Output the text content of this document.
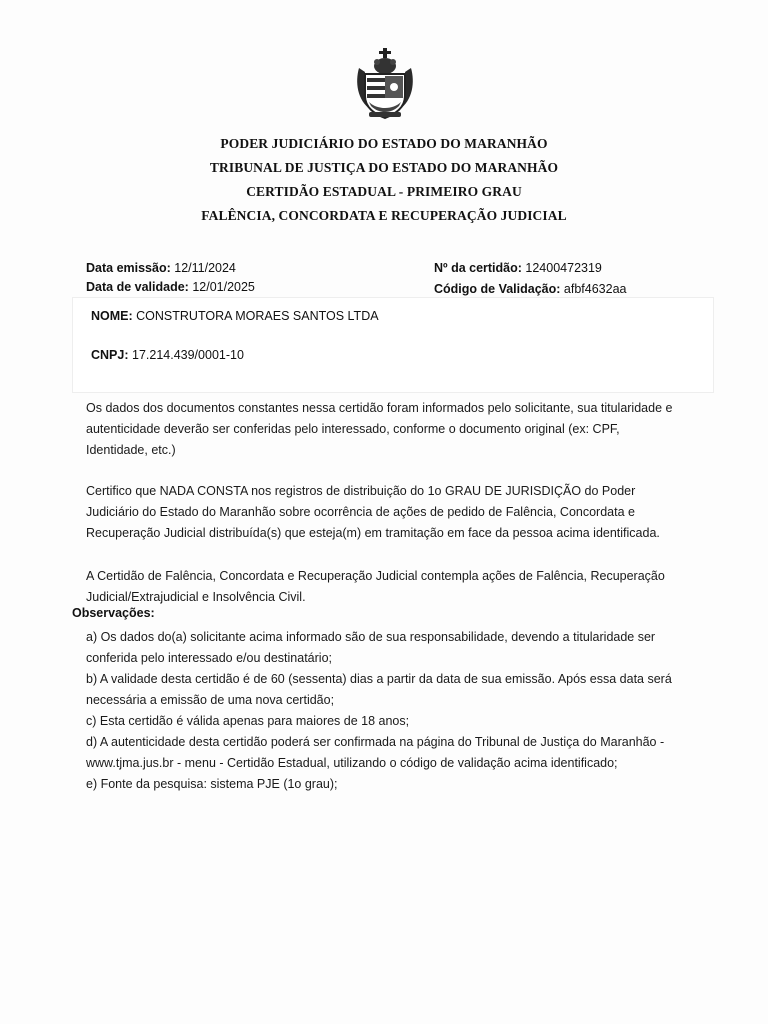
PODER JUDICIÁRIO DO ESTADO DO MARANHÃO
TRIBUNAL DE JUSTIÇA DO ESTADO DO MARANHÃO
CERTIDÃO ESTADUAL - PRIMEIRO GRAU
FALÊNCIA, CONCORDATA E RECUPERAÇÃO JUDICIAL
Data emissão: 12/11/2024
Data de validade: 12/01/2025
Nº da certidão: 12400472319
Código de Validação: afbf4632aa
NOME: CONSTRUTORA MORAES SANTOS LTDA
CNPJ: 17.214.439/0001-10
Os dados dos documentos constantes nessa certidão foram informados pelo solicitante, sua titularidade e
autenticidade deverão ser conferidas pelo interessado, conforme o documento original (ex: CPF,
Identidade, etc.)
Certifico que NADA CONSTA nos registros de distribuição do 1o GRAU DE JURISDIÇÃO do Poder
Judiciário do Estado do Maranhão sobre ocorrência de ações de pedido de Falência, Concordata e
Recuperação Judicial distribuída(s) que esteja(m) em tramitação em face da pessoa acima identificada.
A Certidão de Falência, Concordata e Recuperação Judicial contempla ações de Falência, Recuperação
Judicial/Extrajudicial e Insolvência Civil.
Observações:
a) Os dados do(a) solicitante acima informado são de sua responsabilidade, devendo a titularidade ser
conferida pelo interessado e/ou destinatário;
b) A validade desta certidão é de 60 (sessenta) dias a partir da data de sua emissão. Após essa data será
necessária a emissão de uma nova certidão;
c) Esta certidão é válida apenas para maiores de 18 anos;
d) A autenticidade desta certidão poderá ser confirmada na página do Tribunal de Justiça do Maranhão -
www.tjma.jus.br - menu - Certidão Estadual, utilizando o código de validação acima identificado;
e) Fonte da pesquisa: sistema PJE (1o grau);
